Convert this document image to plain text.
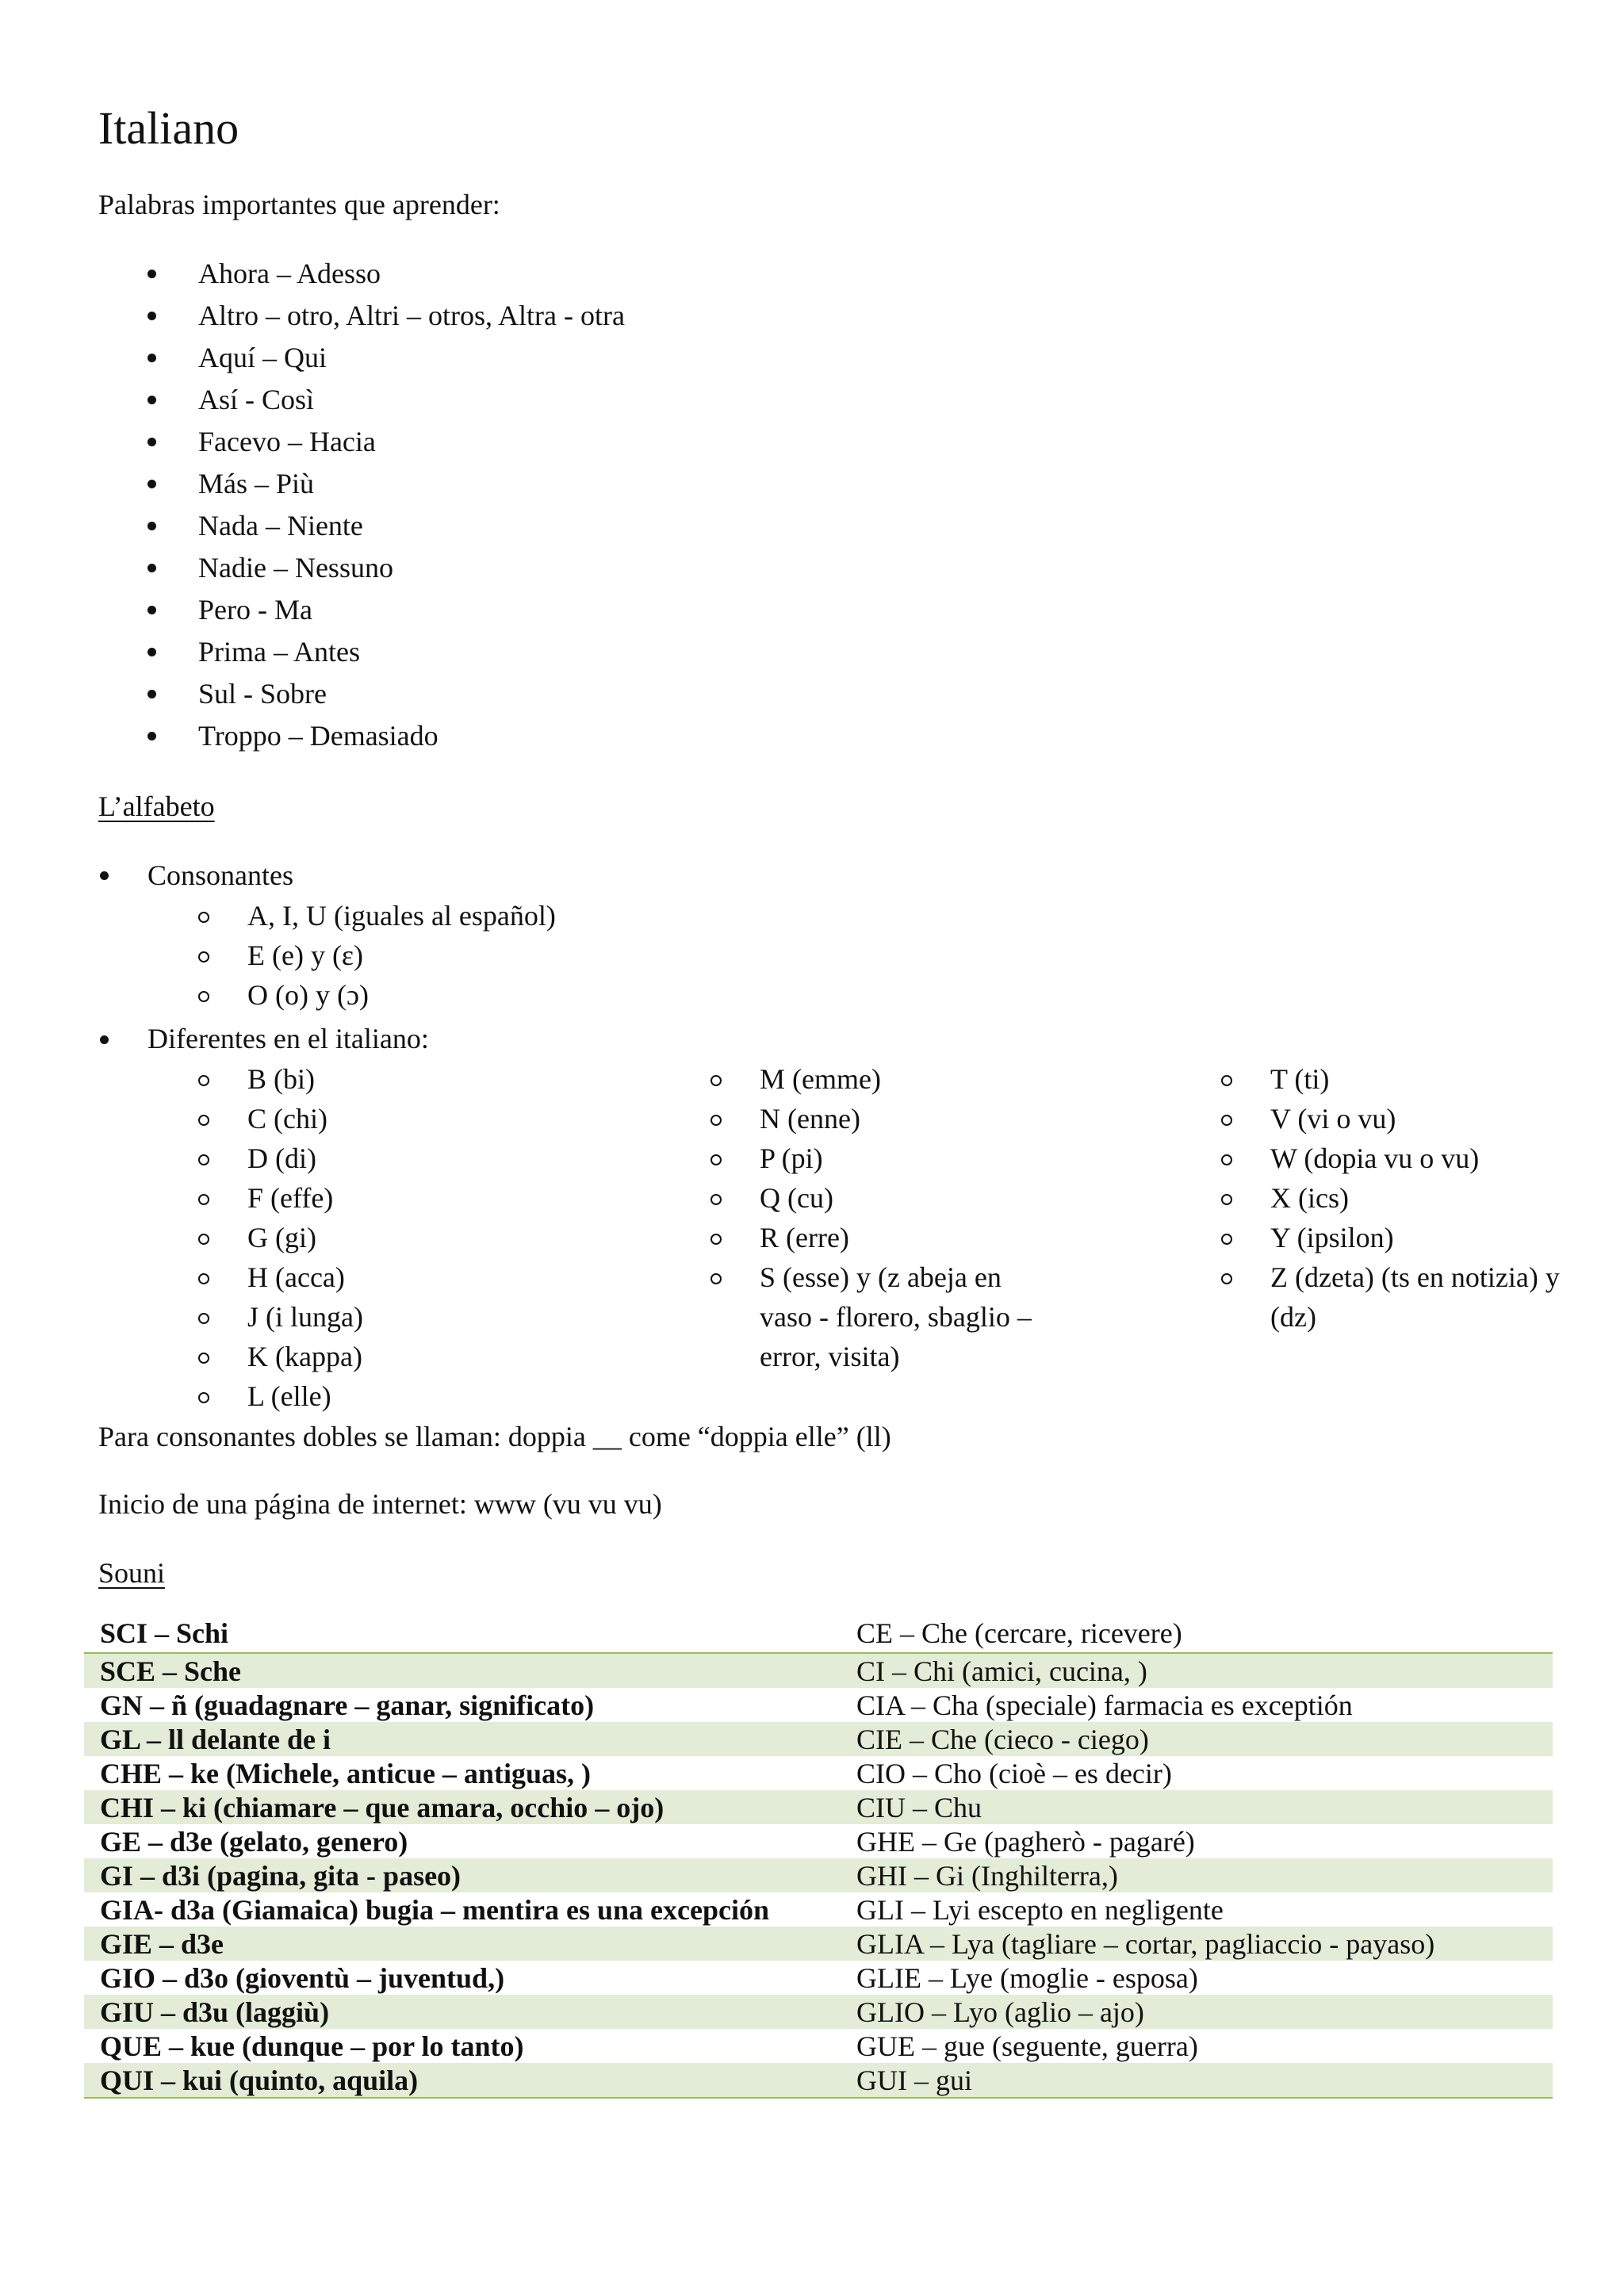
Italiano
Palabras importantes que aprender:
Ahora – Adesso
Altro – otro, Altri – otros, Altra - otra
Aquí – Qui
Así - Così
Facevo – Hacia
Más – Più
Nada – Niente
Nadie – Nessuno
Pero - Ma
Prima – Antes
Sul - Sobre
Troppo – Demasiado
L’alfabeto
Consonantes
A, I, U (iguales al español)
E (e) y (ɛ)
O (o) y (ɔ)
Diferentes en el italiano:
B (bi)
C (chi)
D (di)
F (effe)
G (gi)
H (acca)
J (i lunga)
K (kappa)
L (elle)
M (emme)
N (enne)
P (pi)
Q (cu)
R (erre)
S (esse) y (z abeja en vaso - florero, sbaglio – error, visita)
T (ti)
V (vi o vu)
W (dopia vu o vu)
X (ics)
Y (ipsilon)
Z (dzeta) (ts en notizia) y (dz)
Para consonantes dobles se llaman: doppia __ come “doppia elle” (ll)
Inicio de una página de internet: www (vu vu vu)
Souni
SCI – Schi	CE – Che (cercare, ricevere)
SCE – Sche	CI – Chi (amici, cucina, )
GN – ñ (guadagnare – ganar, significato)	CIA – Cha (speciale) farmacia es exceptión
GL – ll delante de i	CIE – Che (cieco - ciego)
CHE – ke (Michele, anticue – antiguas, )	CIO – Cho (cioè – es decir)
CHI – ki (chiamare – que amara, occhio – ojo)	CIU – Chu
GE – d3e (gelato, genero)	GHE – Ge (pagherò - pagaré)
GI – d3i (pagina, gita - paseo)	GHI – Gi (Inghilterra,)
GIA- d3a (Giamaica) bugia – mentira es una excepción	GLI – Lyi escepto en negligente
GIE – d3e	GLIA – Lya (tagliare – cortar, pagliaccio - payaso)
GIO – d3o (gioventù – juventud,)	GLIE – Lye (moglie - esposa)
GIU – d3u (laggiù)	GLIO – Lyo (aglio – ajo)
QUE – kue (dunque – por lo tanto)	GUE – gue (seguente, guerra)
QUI – kui (quinto, aquila)	GUI – gui
